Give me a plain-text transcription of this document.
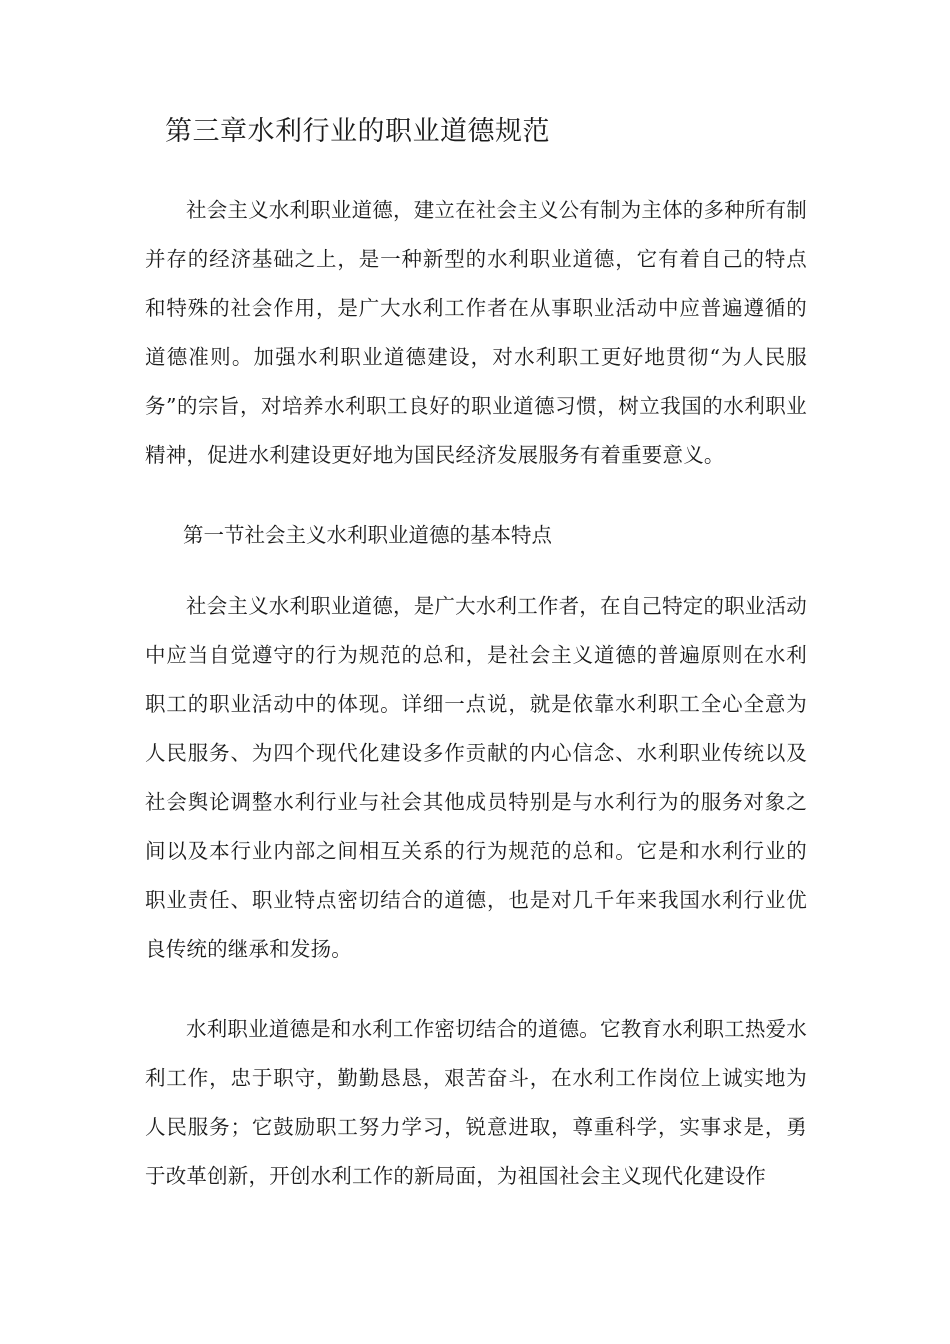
第三章水利行业的职业道德规范

社会主义水利职业道德，建立在社会主义公有制为主体的多种所有制并存的经济基础之上，是一种新型的水利职业道德，它有着自己的特点和特殊的社会作用，是广大水利工作者在从事职业活动中应普遍遵循的道德准则。加强水利职业道德建设，对水利职工更好地贯彻“为人民服务”的宗旨，对培养水利职工良好的职业道德习惯，树立我国的水利职业精神，促进水利建设更好地为国民经济发展服务有着重要意义。

第一节社会主义水利职业道德的基本特点

社会主义水利职业道德，是广大水利工作者，在自己特定的职业活动中应当自觉遵守的行为规范的总和，是社会主义道德的普遍原则在水利职工的职业活动中的体现。详细一点说，就是依靠水利职工全心全意为人民服务、为四个现代化建设多作贡献的内心信念、水利职业传统以及社会舆论调整水利行业与社会其他成员特别是与水利行为的服务对象之间以及本行业内部之间相互关系的行为规范的总和。它是和水利行业的职业责任、职业特点密切结合的道德，也是对几千年来我国水利行业优良传统的继承和发扬。

水利职业道德是和水利工作密切结合的道德。它教育水利职工热爱水利工作，忠于职守，勤勤恳恳，艰苦奋斗，在水利工作岗位上诚实地为人民服务；它鼓励职工努力学习，锐意进取，尊重科学，实事求是，勇于改革创新，开创水利工作的新局面，为祖国社会主义现代化建设作
